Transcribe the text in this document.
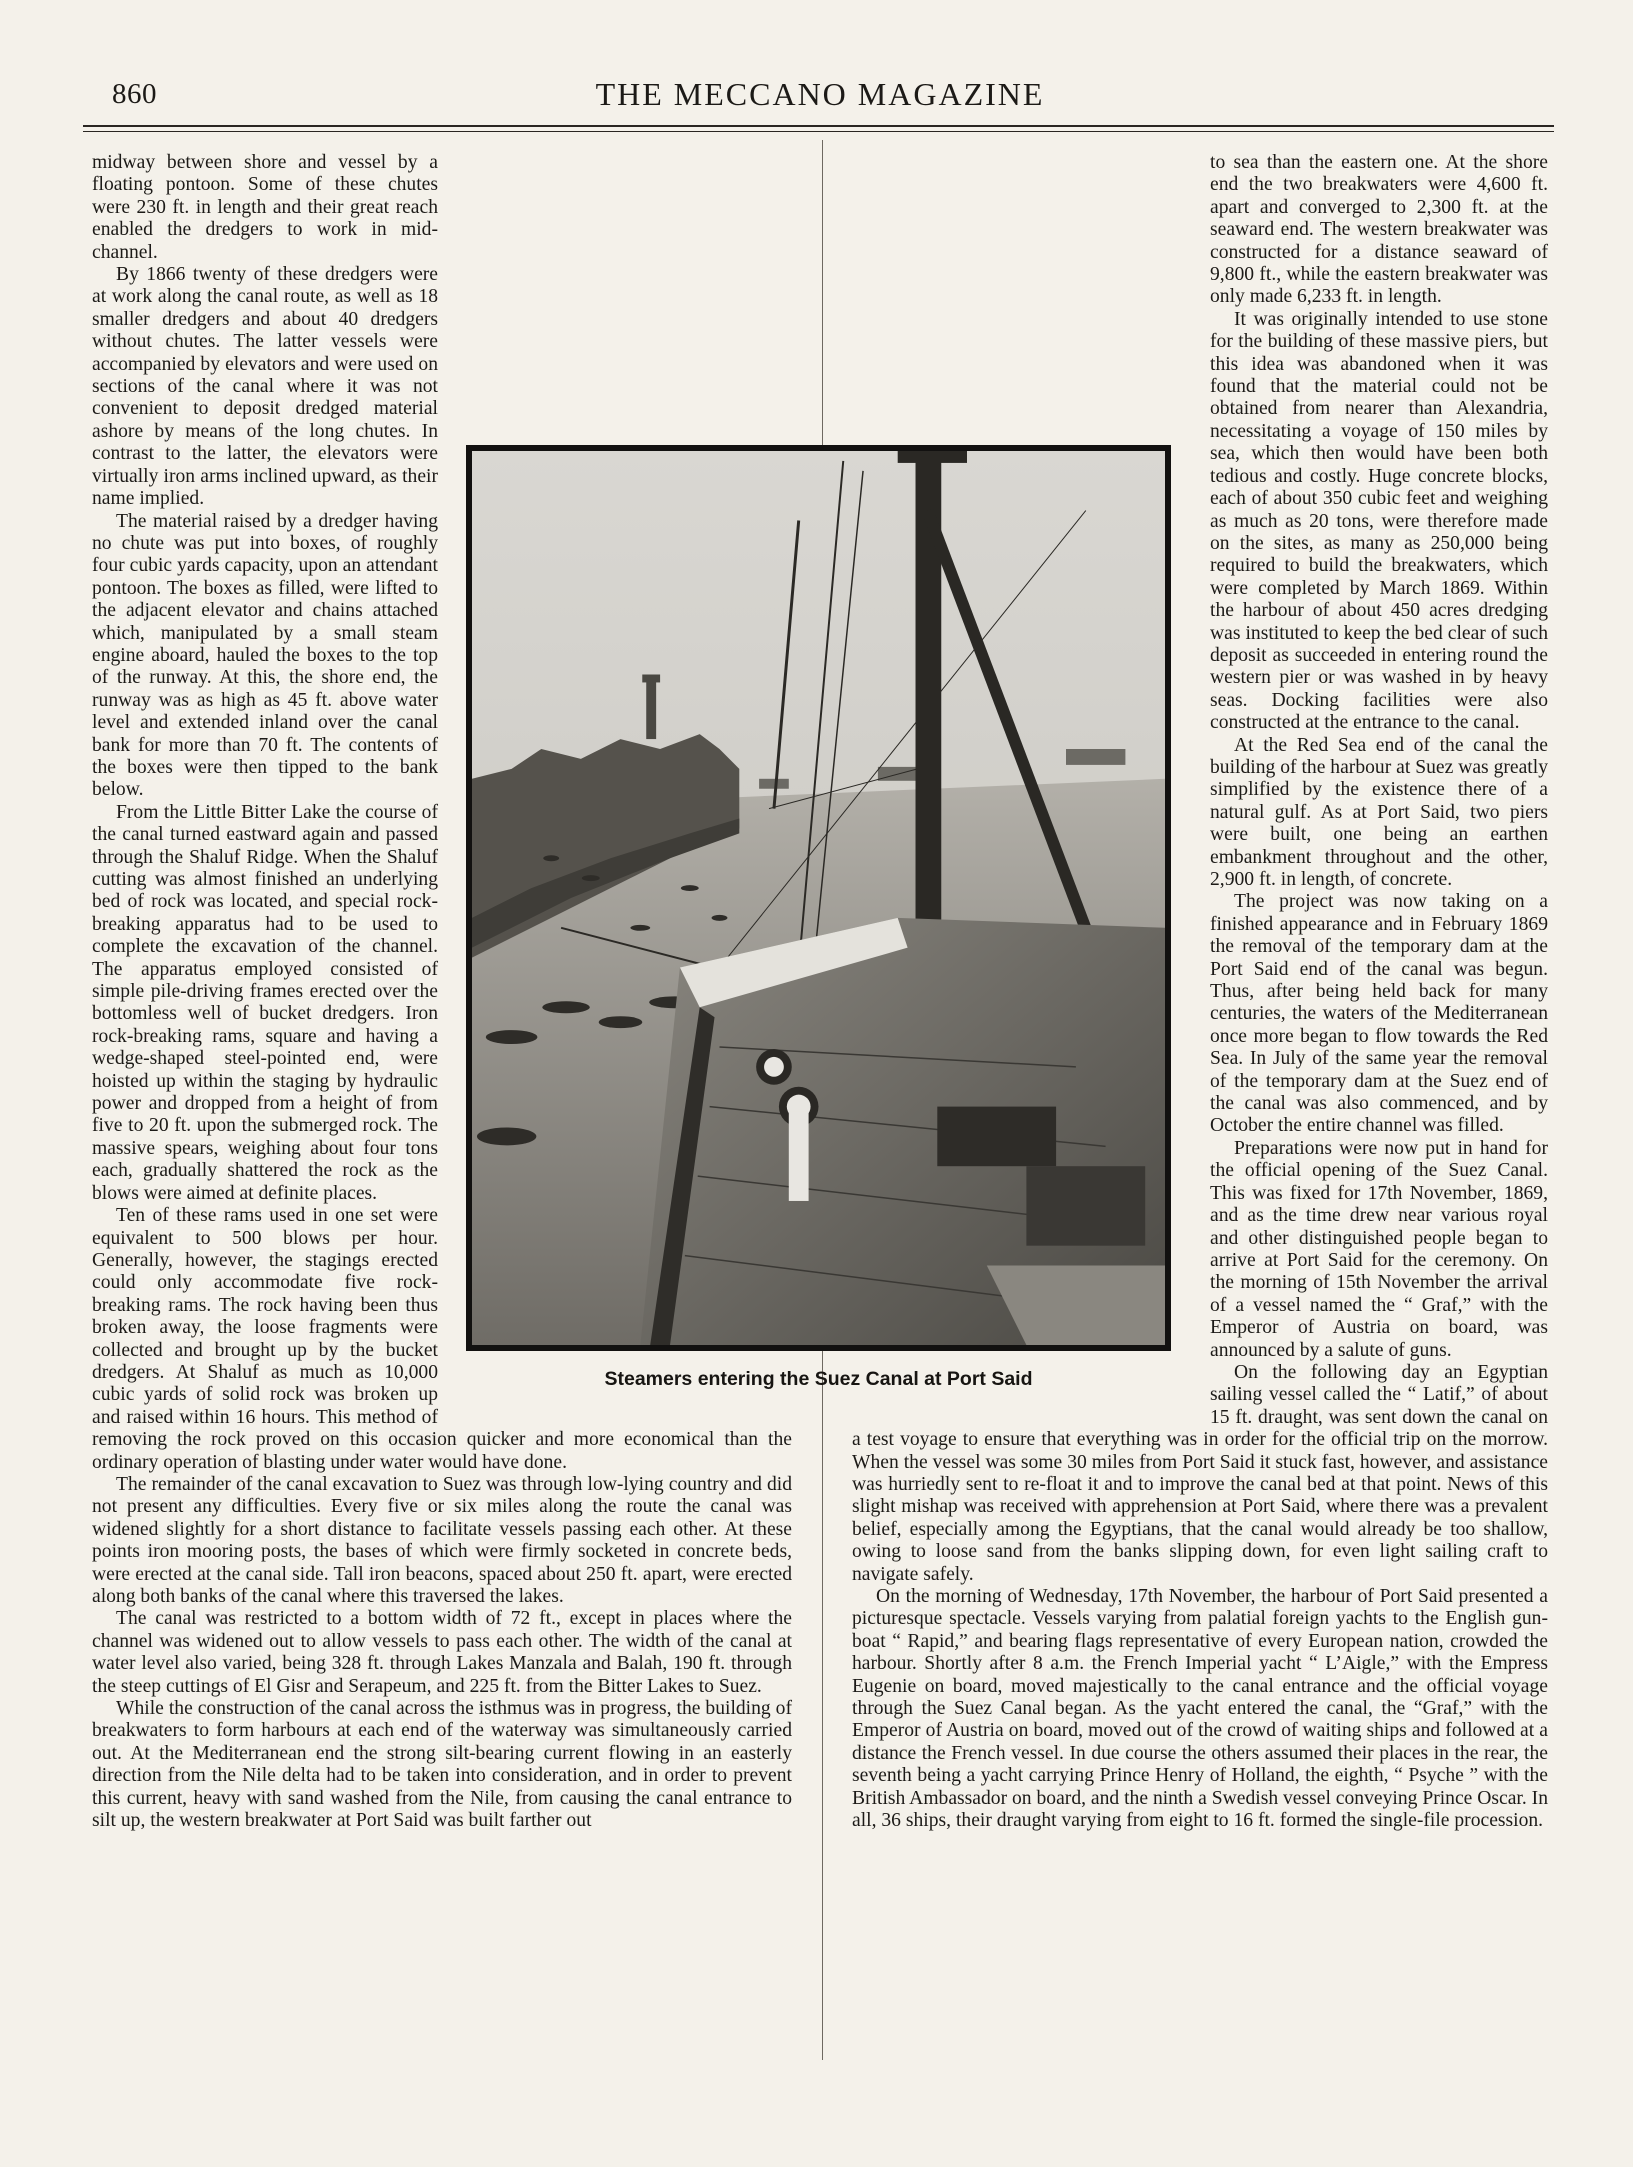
860	THE MECCANO MAGAZINE

midway between shore and vessel by a floating pontoon. Some of these chutes were 230 ft. in length and their great reach enabled the dredgers to work in mid-channel.

By 1866 twenty of these dredgers were at work along the canal route, as well as 18 smaller dredgers and about 40 dredgers without chutes. The latter vessels were accompanied by elevators and were used on sections of the canal where it was not convenient to deposit dredged material ashore by means of the long chutes. In contrast to the latter, the elevators were virtually iron arms inclined upward, as their name implied.

The material raised by a dredger having no chute was put into boxes, of roughly four cubic yards capacity, upon an attendant pontoon. The boxes as filled, were lifted to the adjacent elevator and chains attached which, manipulated by a small steam engine aboard, hauled the boxes to the top of the runway. At this, the shore end, the runway was as high as 45 ft. above water level and extended inland over the canal bank for more than 70 ft. The contents of the boxes were then tipped to the bank below.

From the Little Bitter Lake the course of the canal turned eastward again and passed through the Shaluf Ridge. When the Shaluf cutting was almost finished an underlying bed of rock was located, and special rock-breaking apparatus had to be used to complete the excavation of the channel. The apparatus employed consisted of simple pile-driving frames erected over the bottomless well of bucket dredgers. Iron rock-breaking rams, square and having a wedge-shaped steel-pointed end, were hoisted up within the staging by hydraulic power and dropped from a height of from five to 20 ft. upon the submerged rock. The massive spears, weighing about four tons each, gradually shattered the rock as the blows were aimed at definite places.

Ten of these rams used in one set were equivalent to 500 blows per hour. Generally, however, the stagings erected could only accommodate five rock-breaking rams. The rock having been thus broken away, the loose fragments were collected and brought up by the bucket dredgers. At Shaluf as much as 10,000 cubic yards of solid rock was broken up and raised within 16 hours. This method of removing the rock proved on this occasion quicker and more economical than the ordinary operation of blasting under water would have done.

The remainder of the canal excavation to Suez was through low-lying country and did not present any difficulties. Every five or six miles along the route the canal was widened slightly for a short distance to facilitate vessels passing each other. At these points iron mooring posts, the bases of which were firmly socketed in concrete beds, were erected at the canal side. Tall iron beacons, spaced about 250 ft. apart, were erected along both banks of the canal where this traversed the lakes.

The canal was restricted to a bottom width of 72 ft., except in places where the channel was widened out to allow vessels to pass each other. The width of the canal at water level also varied, being 328 ft. through Lakes Manzala and Balah, 190 ft. through the steep cuttings of El Gisr and Serapeum, and 225 ft. from the Bitter Lakes to Suez.

While the construction of the canal across the isthmus was in progress, the building of breakwaters to form harbours at each end of the waterway was simultaneously carried out. At the Mediterranean end the strong silt-bearing current flowing in an easterly direction from the Nile delta had to be taken into consideration, and in order to prevent this current, heavy with sand washed from the Nile, from causing the canal entrance to silt up, the western breakwater at Port Said was built farther out

to sea than the eastern one. At the shore end the two breakwaters were 4,600 ft. apart and converged to 2,300 ft. at the seaward end. The western breakwater was constructed for a distance seaward of 9,800 ft., while the eastern breakwater was only made 6,233 ft. in length.

It was originally intended to use stone for the building of these massive piers, but this idea was abandoned when it was found that the material could not be obtained from nearer than Alexandria, necessitating a voyage of 150 miles by sea, which then would have been both tedious and costly. Huge concrete blocks, each of about 350 cubic feet and weighing as much as 20 tons, were therefore made on the sites, as many as 250,000 being required to build the breakwaters, which were completed by March 1869. Within the harbour of about 450 acres dredging was instituted to keep the bed clear of such deposit as succeeded in entering round the western pier or was washed in by heavy seas. Docking facilities were also constructed at the entrance to the canal.

At the Red Sea end of the canal the building of the harbour at Suez was greatly simplified by the existence there of a natural gulf. As at Port Said, two piers were built, one being an earthen embankment throughout and the other, 2,900 ft. in length, of concrete.

The project was now taking on a finished appearance and in February 1869 the removal of the temporary dam at the Port Said end of the canal was begun. Thus, after being held back for many centuries, the waters of the Mediterranean once more began to flow towards the Red Sea. In July of the same year the removal of the temporary dam at the Suez end of the canal was also commenced, and by October the entire channel was filled.

Preparations were now put in hand for the official opening of the Suez Canal. This was fixed for 17th November, 1869, and as the time drew near various royal and other distinguished people began to arrive at Port Said for the ceremony. On the morning of 15th November the arrival of a vessel named the “ Graf,” with the Emperor of Austria on board, was announced by a salute of guns.

On the following day an Egyptian sailing vessel called the “ Latif,” of about 15 ft. draught, was sent down the canal on a test voyage to ensure that everything was in order for the official trip on the morrow. When the vessel was some 30 miles from Port Said it stuck fast, however, and assistance was hurriedly sent to re-float it and to improve the canal bed at that point. News of this slight mishap was received with apprehension at Port Said, where there was a prevalent belief, especially among the Egyptians, that the canal would already be too shallow, owing to loose sand from the banks slipping down, for even light sailing craft to navigate safely.

On the morning of Wednesday, 17th November, the harbour of Port Said presented a picturesque spectacle. Vessels varying from palatial foreign yachts to the English gun-boat “ Rapid,” and bearing flags representative of every European nation, crowded the harbour. Shortly after 8 a.m. the French Imperial yacht “ L’Aigle,” with the Empress Eugenie on board, moved majestically to the canal entrance and the official voyage through the Suez Canal began. As the yacht entered the canal, the “Graf,” with the Emperor of Austria on board, moved out of the crowd of waiting ships and followed at a distance the French vessel. In due course the others assumed their places in the rear, the seventh being a yacht carrying Prince Henry of Holland, the eighth, “ Psyche ” with the British Ambassador on board, and the ninth a Swedish vessel conveying Prince Oscar. In all, 36 ships, their draught varying from eight to 16 ft. formed the single-file procession.

Steamers entering the Suez Canal at Port Said
